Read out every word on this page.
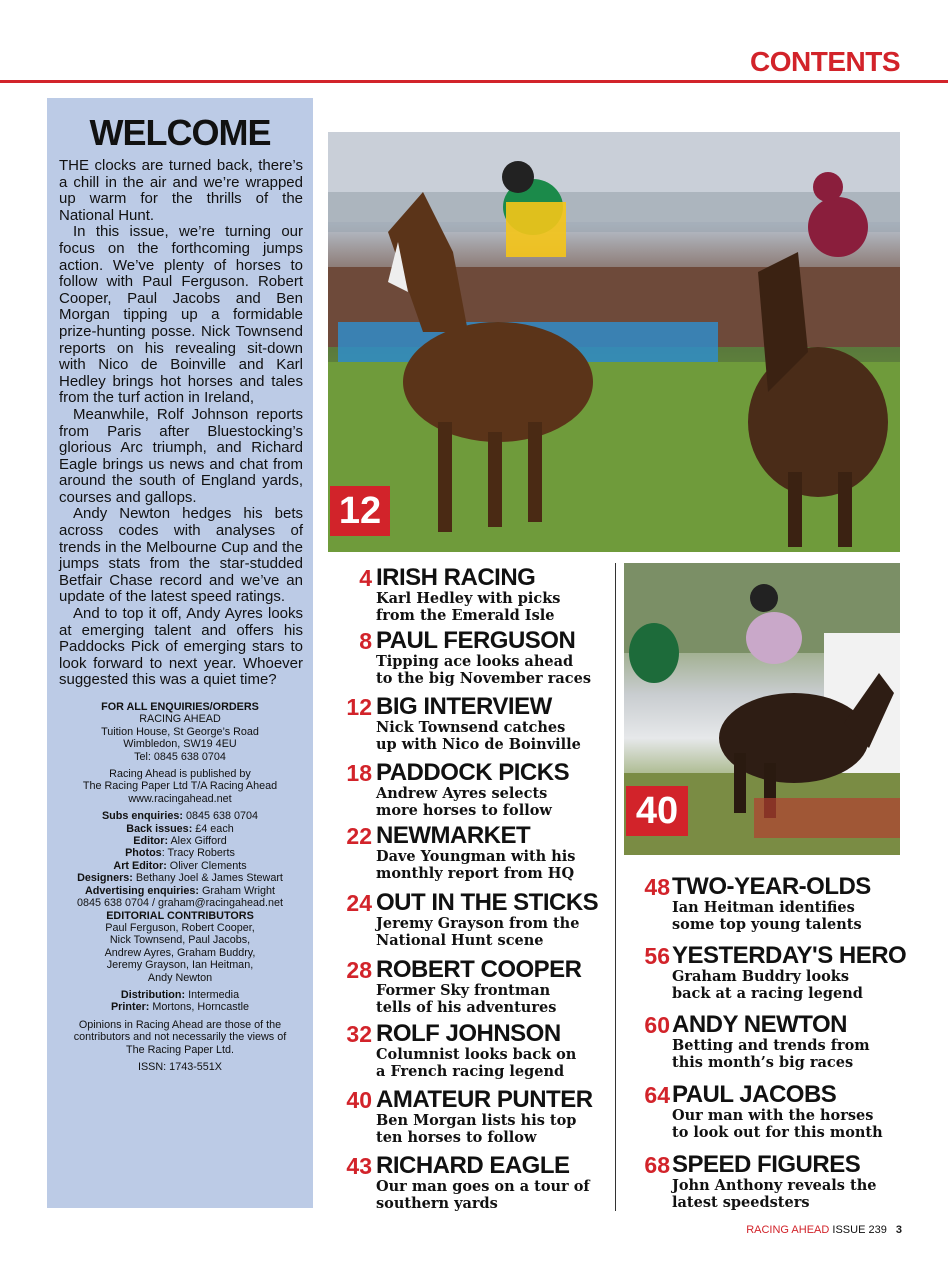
CONTENTS
WELCOME

THE clocks are turned back, there’s a chill in the air and we’re wrapped up warm for the thrills of the National Hunt.

In this issue, we’re turning our focus on the forthcoming jumps action. We’ve plenty of horses to follow with Paul Ferguson. Robert Cooper, Paul Jacobs and Ben Morgan tipping up a formidable prize-hunting posse. Nick Townsend reports on his revealing sit-down with Nico de Boinville and Karl Hedley brings hot horses and tales from the turf action in Ireland,

Meanwhile, Rolf Johnson reports from Paris after Bluestocking’s glorious Arc triumph, and Richard Eagle brings us news and chat from around the south of England yards, courses and gallops.

Andy Newton hedges his bets across codes with analyses of trends in the Melbourne Cup and the jumps stats from the star-studded Betfair Chase record and we’ve an update of the latest speed ratings.

And to top it off, Andy Ayres looks at emerging talent and offers his Paddocks Pick of emerging stars to look forward to next year. Whoever suggested this was a quiet time?

FOR ALL ENQUIRIES/ORDERS
RACING AHEAD
Tuition House, St George’s Road
Wimbledon, SW19 4EU
Tel: 0845 638 0704
Racing Ahead is published by
The Racing Paper Ltd T/A Racing Ahead
www.racingahead.net
Subs enquiries: 0845 638 0704
Back issues: £4 each
Editor: Alex Gifford
Photos: Tracy Roberts
Art Editor: Oliver Clements
Designers: Bethany Joel & James Stewart
Advertising enquiries: Graham Wright
0845 638 0704 / graham@racingahead.net
EDITORIAL CONTRIBUTORS
Paul Ferguson, Robert Cooper,
Nick Townsend, Paul Jacobs,
Andrew Ayres, Graham Buddry,
Jeremy Grayson, Ian Heitman,
Andy Newton
Distribution: Intermedia
Printer: Mortons, Horncastle
Opinions in Racing Ahead are those of the
contributors and not necessarily the views of
The Racing Paper Ltd.
ISSN: 1743-551X
12
40
4 IRISH RACING
Karl Hedley with picks
from the Emerald Isle
8 PAUL FERGUSON
Tipping ace looks ahead
to the big November races
12 BIG INTERVIEW
Nick Townsend catches
up with Nico de Boinville
18 PADDOCK PICKS
Andrew Ayres selects
more horses to follow
22 NEWMARKET
Dave Youngman with his
monthly report from HQ
24 OUT IN THE STICKS
Jeremy Grayson from the
National Hunt scene
28 ROBERT COOPER
Former Sky frontman
tells of his adventures
32 ROLF JOHNSON
Columnist looks back on
a French racing legend
40 AMATEUR PUNTER
Ben Morgan lists his top
ten horses to follow
43 RICHARD EAGLE
Our man goes on a tour of
southern yards
48 TWO-YEAR-OLDS
Ian Heitman identifies
some top young talents
56 YESTERDAY'S HERO
Graham Buddry looks
back at a racing legend
60 ANDY NEWTON
Betting and trends from
this month’s big races
64 PAUL JACOBS
Our man with the horses
to look out for this month
68 SPEED FIGURES
John Anthony reveals the
latest speedsters
RACING AHEAD ISSUE 239 3
